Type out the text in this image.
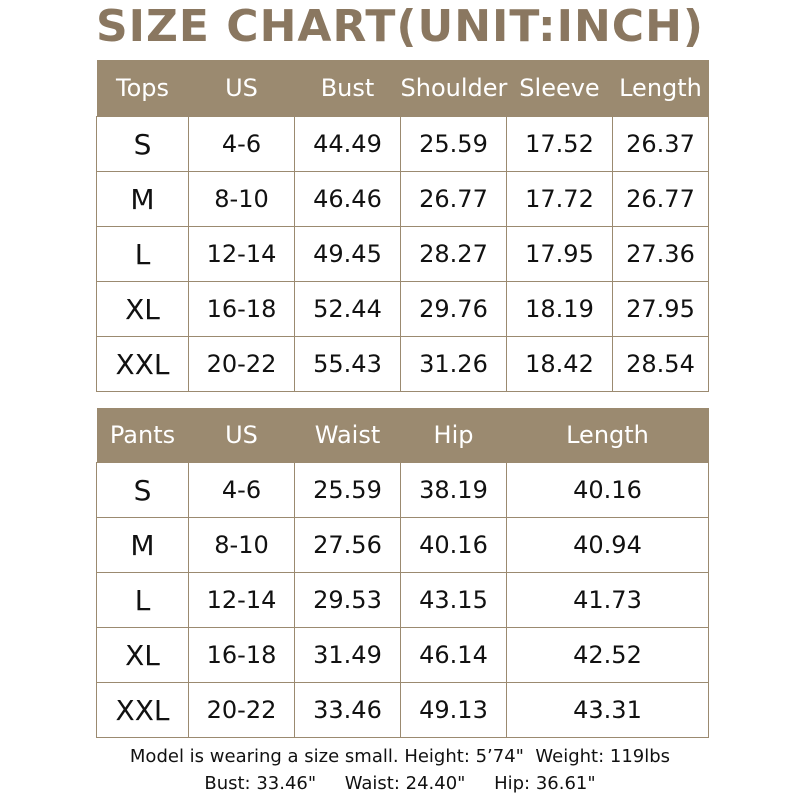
SIZE CHART(UNIT:INCH)
Tops	US	Bust	Shoulder	Sleeve	Length
S	4-6	44.49	25.59	17.52	26.37
M	8-10	46.46	26.77	17.72	26.77
L	12-14	49.45	28.27	17.95	27.36
XL	16-18	52.44	29.76	18.19	27.95
XXL	20-22	55.43	31.26	18.42	28.54
Pants	US	Waist	Hip	Length
S	4-6	25.59	38.19	40.16
M	8-10	27.56	40.16	40.94
L	12-14	29.53	43.15	41.73
XL	16-18	31.49	46.14	42.52
XXL	20-22	33.46	49.13	43.31
Model is wearing a size small. Height: 5’74"  Weight: 119lbs
Bust: 33.46"     Waist: 24.40"     Hip: 36.61"
